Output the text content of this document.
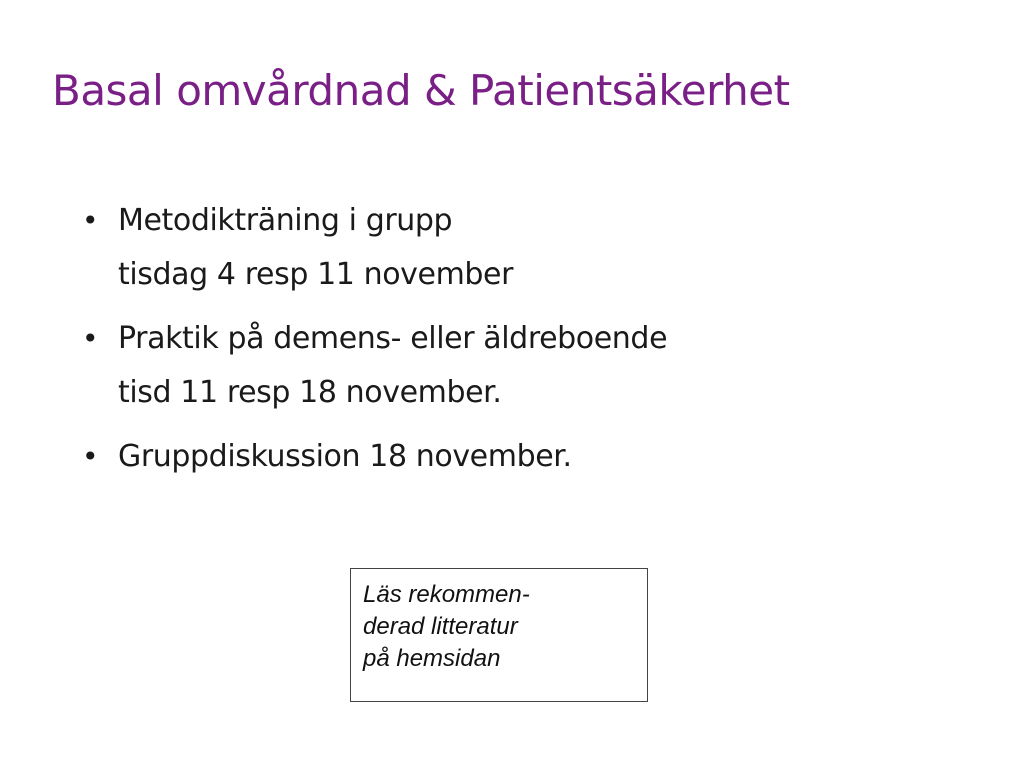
Basal omvårdnad & Patientsäkerhet
• Metodikträning i grupp
tisdag 4 resp 11 november
• Praktik på demens- eller äldreboende
tisd 11 resp 18 november.
• Gruppdiskussion 18 november.
Läs rekommen-
derad litteratur
på hemsidan
